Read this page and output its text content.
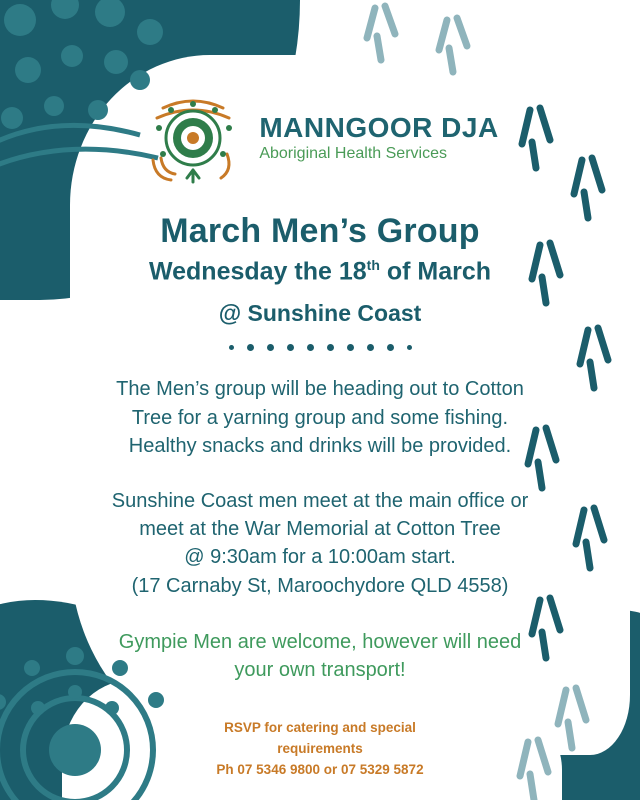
MANNGOOR DJA
Aboriginal Health Services
March Men’s Group
Wednesday the 18th of March
@ Sunshine Coast
The Men’s group will be heading out to Cotton
Tree for a yarning group and some fishing.
Healthy snacks and drinks will be provided.
Sunshine Coast men meet at the main office or
meet at the War Memorial at Cotton Tree
@ 9:30am for a 10:00am start.
(17 Carnaby St, Maroochydore QLD 4558)
Gympie Men are welcome, however will need
your own transport!
RSVP for catering and special
requirements
Ph 07 5346 9800 or 07 5329 5872
